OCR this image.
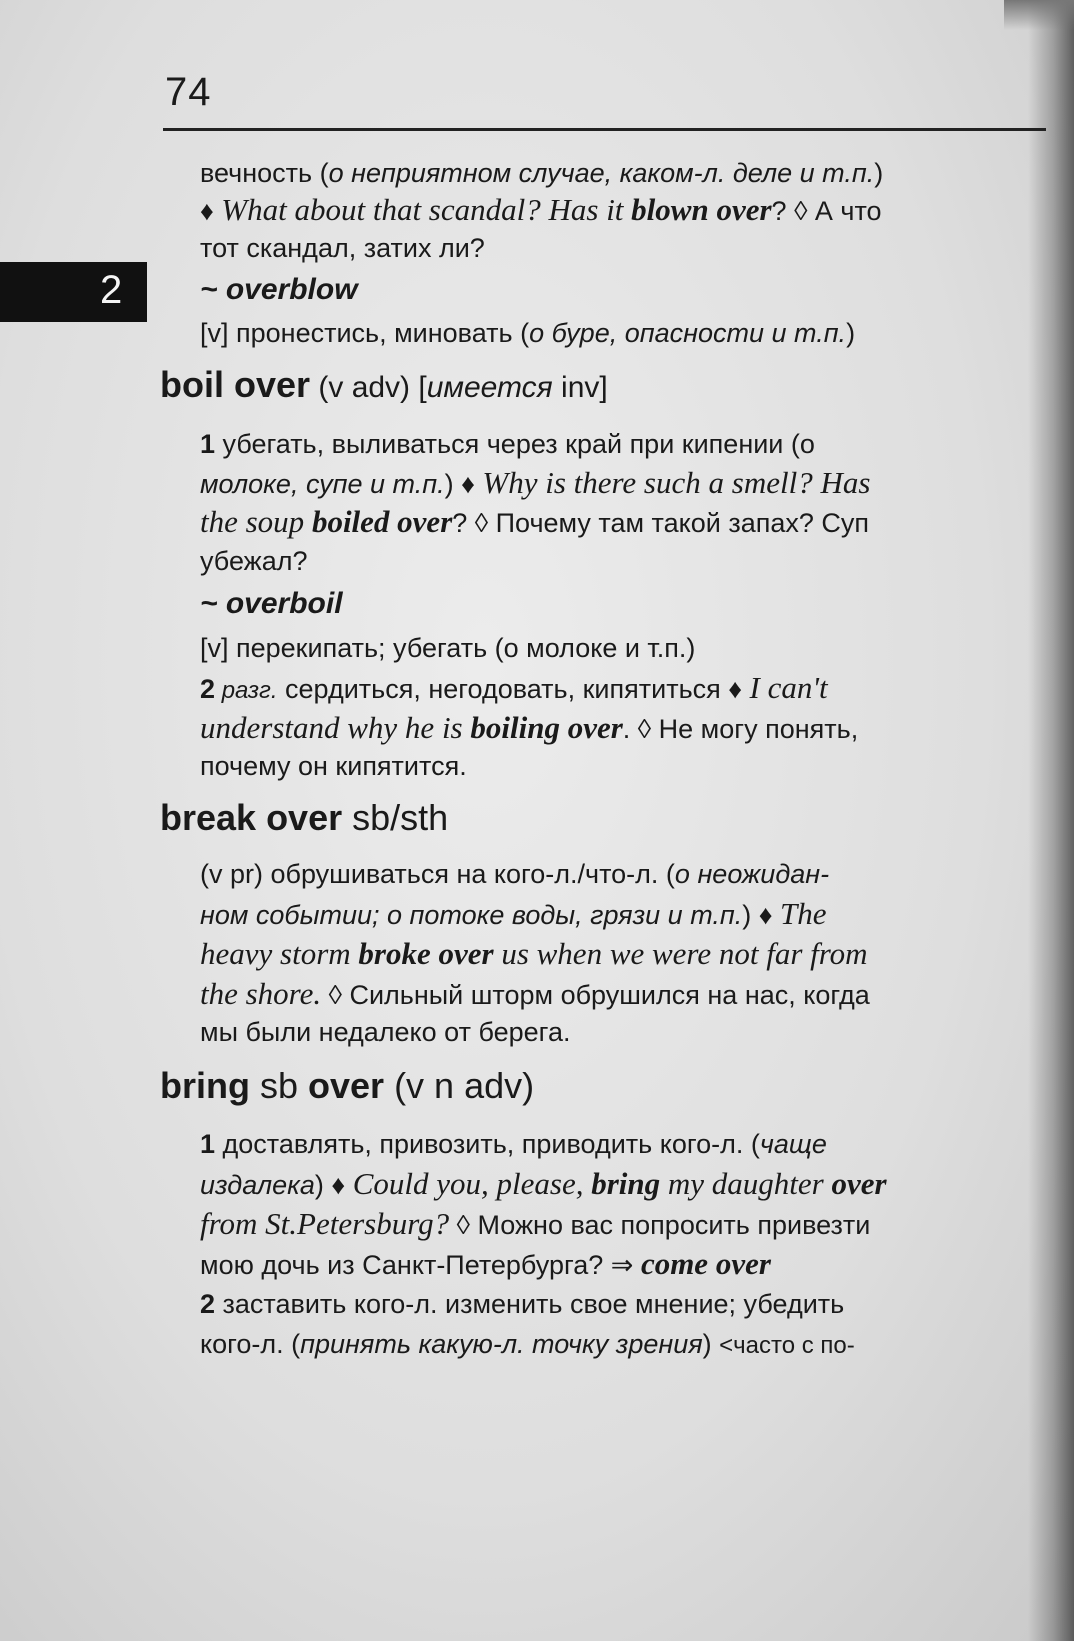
74
2
вечность (о неприятном случае, каком-л. деле и т.п.)
♦ What about that scandal? Has it blown over? ◊ А что
тот скандал, затих ли?
~ overblow
[v] пронестись, миновать (о буре, опасности и т.п.)
boil over (v adv) [имеется inv]
1 убегать, выливаться через край при кипении (о
молоке, супе и т.п.) ♦ Why is there such a smell? Has
the soup boiled over? ◊ Почему там такой запах? Суп
убежал?
~ overboil
[v] перекипать; убегать (о молоке и т.п.)
2 разг. сердиться, негодовать, кипятиться ♦ I can't
understand why he is boiling over. ◊ Не могу понять,
почему он кипятится.
break over sb/sth
(v pr) обрушиваться на кого-л./что-л. (о неожидан-
ном событии; о потоке воды, грязи и т.п.) ♦ The
heavy storm broke over us when we were not far from
the shore. ◊ Сильный шторм обрушился на нас, когда
мы были недалеко от берега.
bring sb over (v n adv)
1 доставлять, привозить, приводить кого-л. (чаще
издалека) ♦ Could you, please, bring my daughter over
from St.Petersburg? ◊ Можно вас попросить привезти
мою дочь из Санкт-Петербурга? ⇒ come over
2 заставить кого-л. изменить свое мнение; убедить
кого-л. (принять какую-л. точку зрения) <часто с по-
